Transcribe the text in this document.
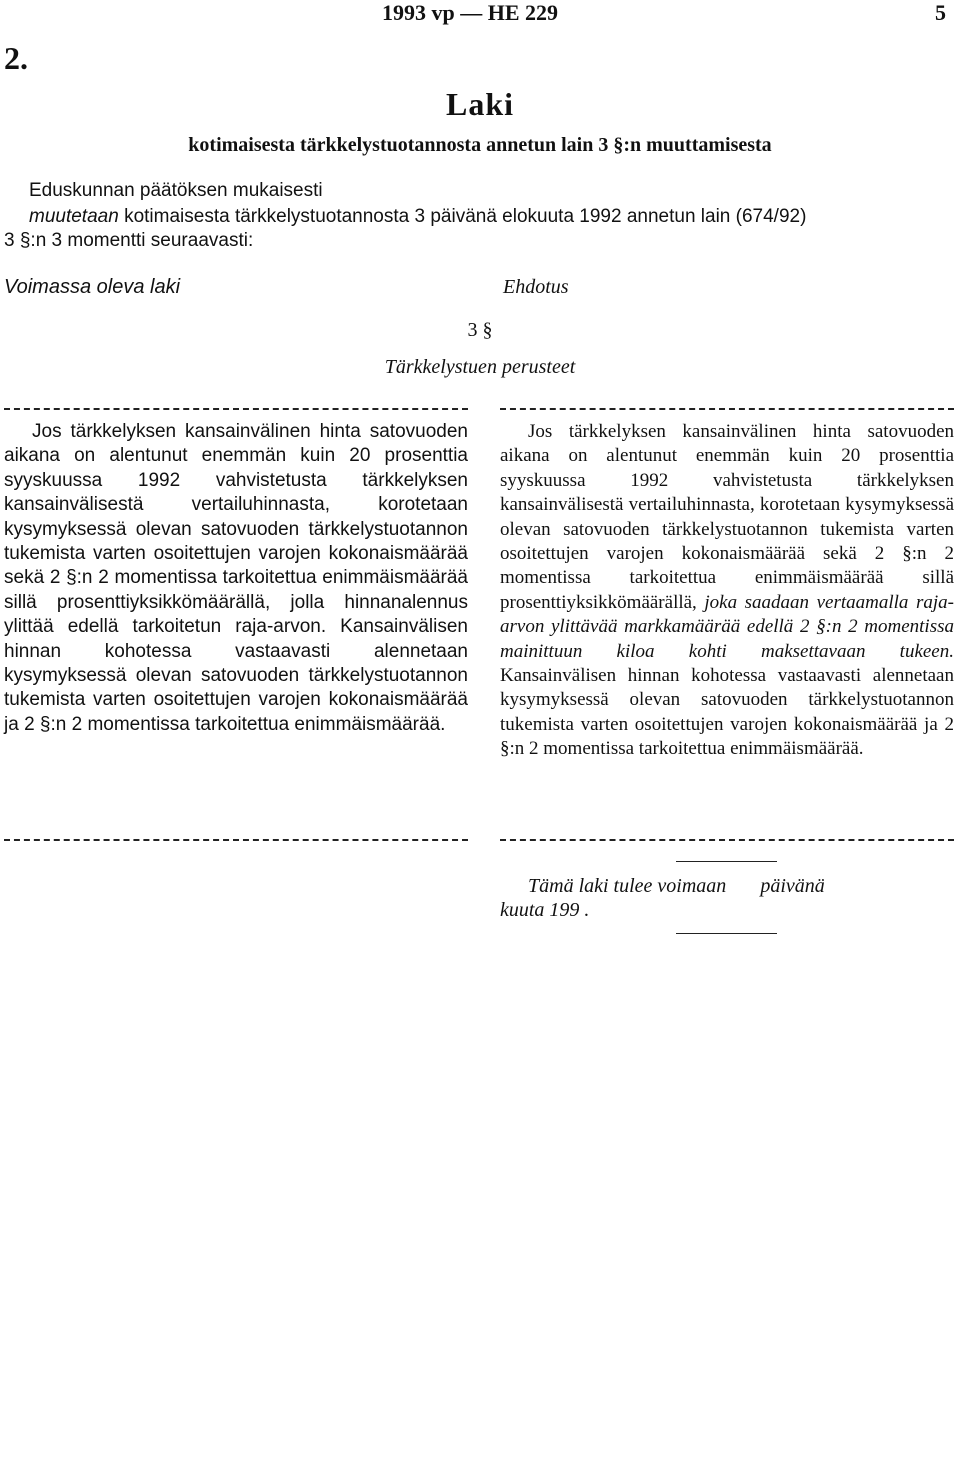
1993 vp — HE 229	5
2.
Laki
kotimaisesta tärkkelystuotannosta annetun lain 3 §:n muuttamisesta
Eduskunnan päätöksen mukaisesti
muutetaan kotimaisesta tärkkelystuotannosta 3 päivänä elokuuta 1992 annetun lain (674/92)
3 §:n 3 momentti seuraavasti:
Voimassa oleva laki	Ehdotus
3 §
Tärkkelystuen perusteet

Jos tärkkelyksen kansainvälinen hinta satovuoden aikana on alentunut enemmän kuin 20 prosenttia syyskuussa 1992 vahvistetusta tärkkelyksen kansainvälisestä vertailuhinnasta, korotetaan kysymyksessä olevan satovuoden tärkkelystuotannon tukemista varten osoitettujen varojen kokonaismäärää sekä 2 §:n 2 momentissa tarkoitettua enimmäismäärää sillä prosenttiyksikkömäärällä, jolla hinnanalennus ylittää edellä tarkoitetun raja-arvon. Kansainvälisen hinnan kohotessa vastaavasti alennetaan kysymyksessä olevan satovuoden tärkkelystuotannon tukemista varten osoitettujen varojen kokonaismäärää ja 2 §:n 2 momentissa tarkoitettua enimmäismäärää.

Jos tärkkelyksen kansainvälinen hinta satovuoden aikana on alentunut enemmän kuin 20 prosenttia syyskuussa 1992 vahvistetusta tärkkelyksen kansainvälisestä vertailuhinnasta, korotetaan kysymyksessä olevan satovuoden tärkkelystuotannon tukemista varten osoitettujen varojen kokonaismäärää sekä 2 §:n 2 momentissa tarkoitettua enimmäismäärää sillä prosenttiyksikkömäärällä, joka saadaan vertaamalla raja-arvon ylittävää markkamäärää edellä 2 §:n 2 momentissa mainittuun kiloa kohti maksettavaan tukeen. Kansainvälisen hinnan kohotessa vastaavasti alennetaan kysymyksessä olevan satovuoden tärkkelystuotannon tukemista varten osoitettujen varojen kokonaismäärää ja 2 §:n 2 momentissa tarkoitettua enimmäismäärää.

Tämä laki tulee voimaan päivänä
kuuta 199 .
